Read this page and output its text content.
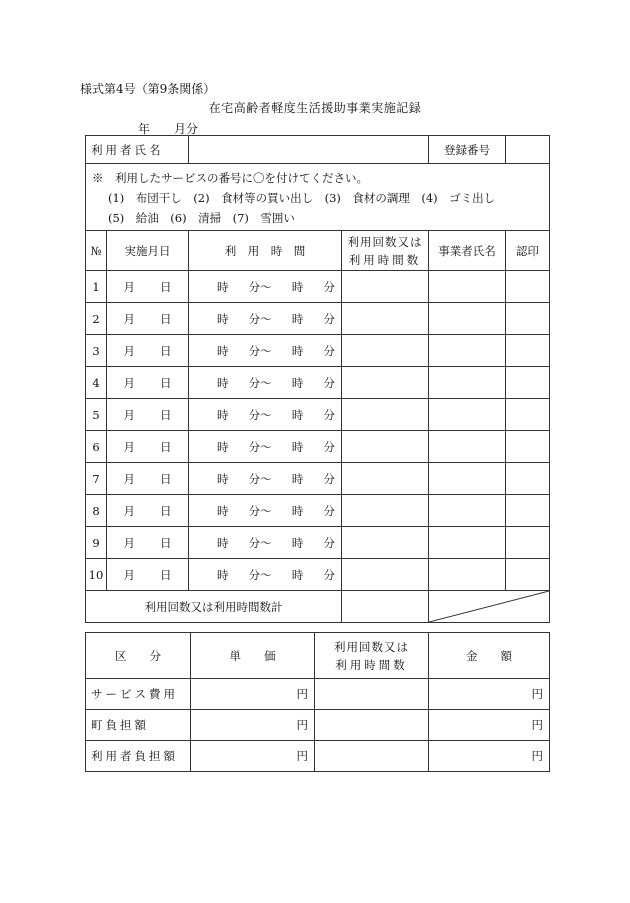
様式第4号（第9条関係）
在宅高齢者軽度生活援助事業実施記録
年 月分
利用者氏名				登録番号	

※　利用したサービスの番号に〇を付けてください。
(1)　布団干し　(2)　食材等の買い出し　(3)　食材の調理　(4)　ゴミ出し
(5)　給油　(6)　清掃　(7)　雪囲い					

№	実施月日	利　用　時　間	利用回数又は
利用時間数	事業者氏名	認印
1	月 日	時 分〜 時 分			

2	月 日	時 分〜 時 分			

3	月 日	時 分〜 時 分			

4	月 日	時 分〜 時 分			

5	月 日	時 分〜 時 分			

6	月 日	時 分〜 時 分			

7	月 日	時 分〜 時 分			

8	月 日	時 分〜 時 分			

9	月 日	時 分〜 時 分			

10	月 日	時 分〜 時 分			

利用回数又は利用時間数計		
区　　分	単　　価	利用回数又は
利用時間数	金　　額
サービス費用	円		円
町負担額	円		円
利用者負担額	円		円
